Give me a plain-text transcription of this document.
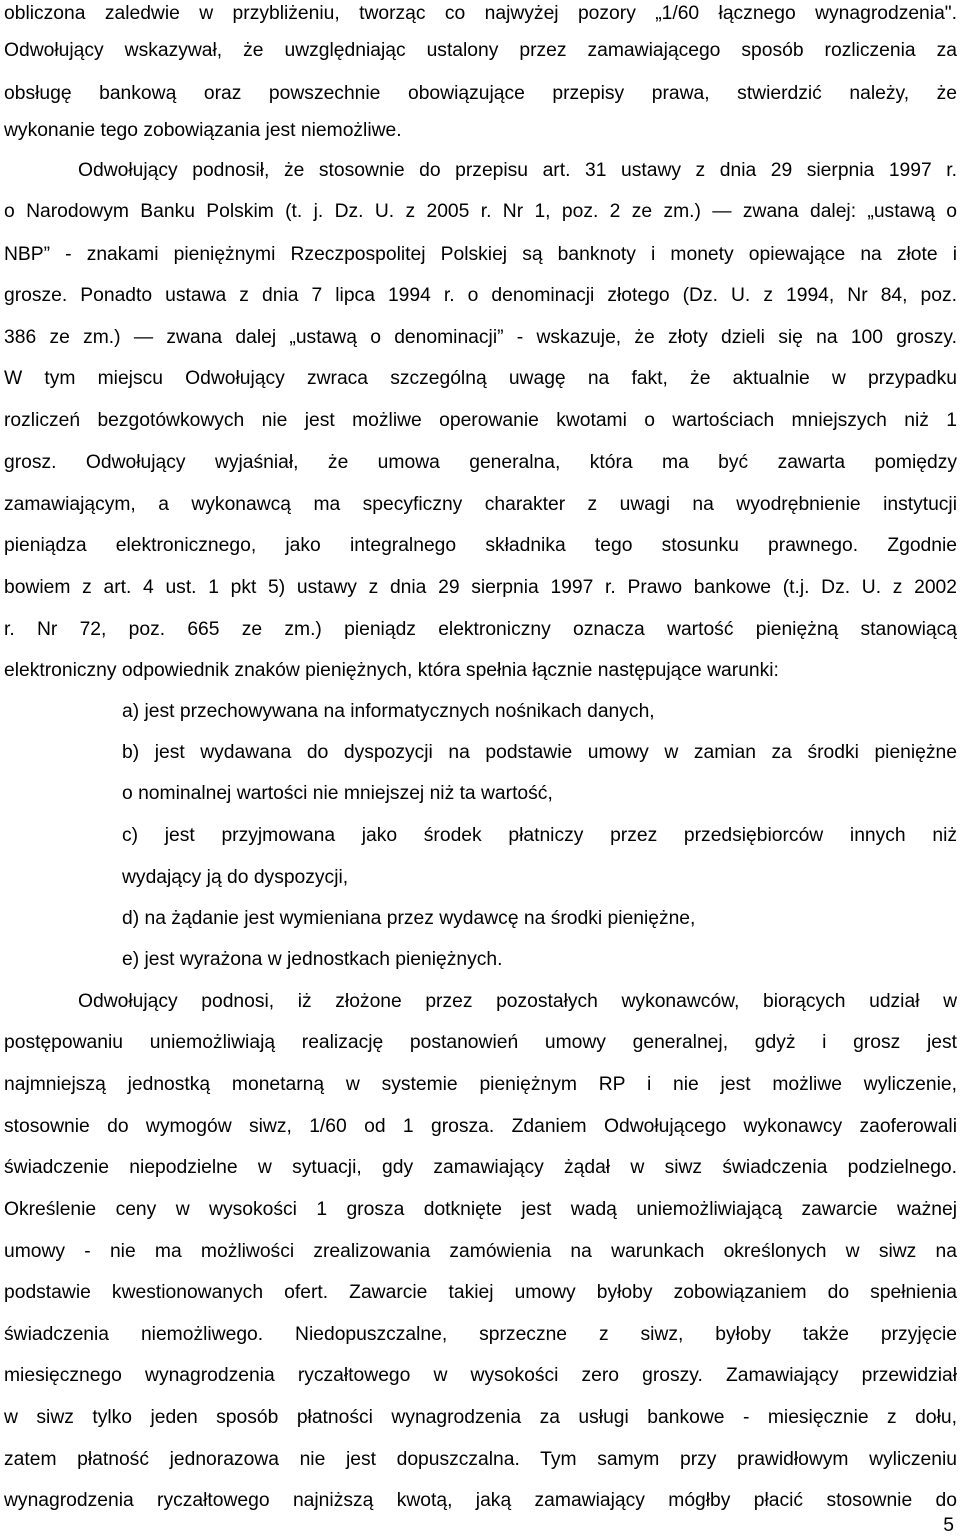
obliczona zaledwie w przybliżeniu, tworząc co najwyżej pozory „1/60 łącznego wynagrodzenia".
Odwołujący wskazywał, że uwzględniając ustalony przez zamawiającego sposób rozliczenia za
obsługę bankową oraz powszechnie obowiązujące przepisy prawa, stwierdzić należy, że
wykonanie tego zobowiązania jest niemożliwe.
Odwołujący podnosił, że stosownie do przepisu art. 31 ustawy z dnia 29 sierpnia 1997 r.
o Narodowym Banku Polskim (t. j. Dz. U. z 2005 r. Nr 1, poz. 2 ze zm.) ― zwana dalej: „ustawą o
NBP” - znakami pieniężnymi Rzeczpospolitej Polskiej są banknoty i monety opiewające na złote i
grosze. Ponadto ustawa z dnia 7 lipca 1994 r. o denominacji złotego (Dz. U. z 1994, Nr 84, poz.
386 ze zm.) ― zwana dalej „ustawą o denominacji” - wskazuje, że złoty dzieli się na 100 groszy.
W tym miejscu Odwołujący zwraca szczególną uwagę na fakt, że aktualnie w przypadku
rozliczeń bezgotówkowych nie jest możliwe operowanie kwotami o wartościach mniejszych niż 1
grosz. Odwołujący wyjaśniał, że umowa generalna, która ma być zawarta pomiędzy
zamawiającym, a wykonawcą ma specyficzny charakter z uwagi na wyodrębnienie instytucji
pieniądza elektronicznego, jako integralnego składnika tego stosunku prawnego. Zgodnie
bowiem z art. 4 ust. 1 pkt 5) ustawy z dnia 29 sierpnia 1997 r. Prawo bankowe (t.j. Dz. U. z 2002
r. Nr 72, poz. 665 ze zm.) pieniądz elektroniczny oznacza wartość pieniężną stanowiącą
elektroniczny odpowiednik znaków pieniężnych, która spełnia łącznie następujące warunki:
a) jest przechowywana na informatycznych nośnikach danych,
b) jest wydawana do dyspozycji na podstawie umowy w zamian za środki pieniężne
o nominalnej wartości nie mniejszej niż ta wartość,
c) jest przyjmowana jako środek płatniczy przez przedsiębiorców innych niż
wydający ją do dyspozycji,
d) na żądanie jest wymieniana przez wydawcę na środki pieniężne,
e) jest wyrażona w jednostkach pieniężnych.
Odwołujący podnosi, iż złożone przez pozostałych wykonawców, biorących udział w
postępowaniu uniemożliwiają realizację postanowień umowy generalnej, gdyż i grosz jest
najmniejszą jednostką monetarną w systemie pieniężnym RP i nie jest możliwe wyliczenie,
stosownie do wymogów siwz, 1/60 od 1 grosza. Zdaniem Odwołującego wykonawcy zaoferowali
świadczenie niepodzielne w sytuacji, gdy zamawiający żądał w siwz świadczenia podzielnego.
Określenie ceny w wysokości 1 grosza dotknięte jest wadą uniemożliwiającą zawarcie ważnej
umowy - nie ma możliwości zrealizowania zamówienia na warunkach określonych w siwz na
podstawie kwestionowanych ofert. Zawarcie takiej umowy byłoby zobowiązaniem do spełnienia
świadczenia niemożliwego. Niedopuszczalne, sprzeczne z siwz, byłoby także przyjęcie
miesięcznego wynagrodzenia ryczałtowego w wysokości zero groszy. Zamawiający przewidział
w siwz tylko jeden sposób płatności wynagrodzenia za usługi bankowe - miesięcznie z dołu,
zatem płatność jednorazowa nie jest dopuszczalna. Tym samym przy prawidłowym wyliczeniu
wynagrodzenia ryczałtowego najniższą kwotą, jaką zamawiający mógłby płacić stosownie do
5
